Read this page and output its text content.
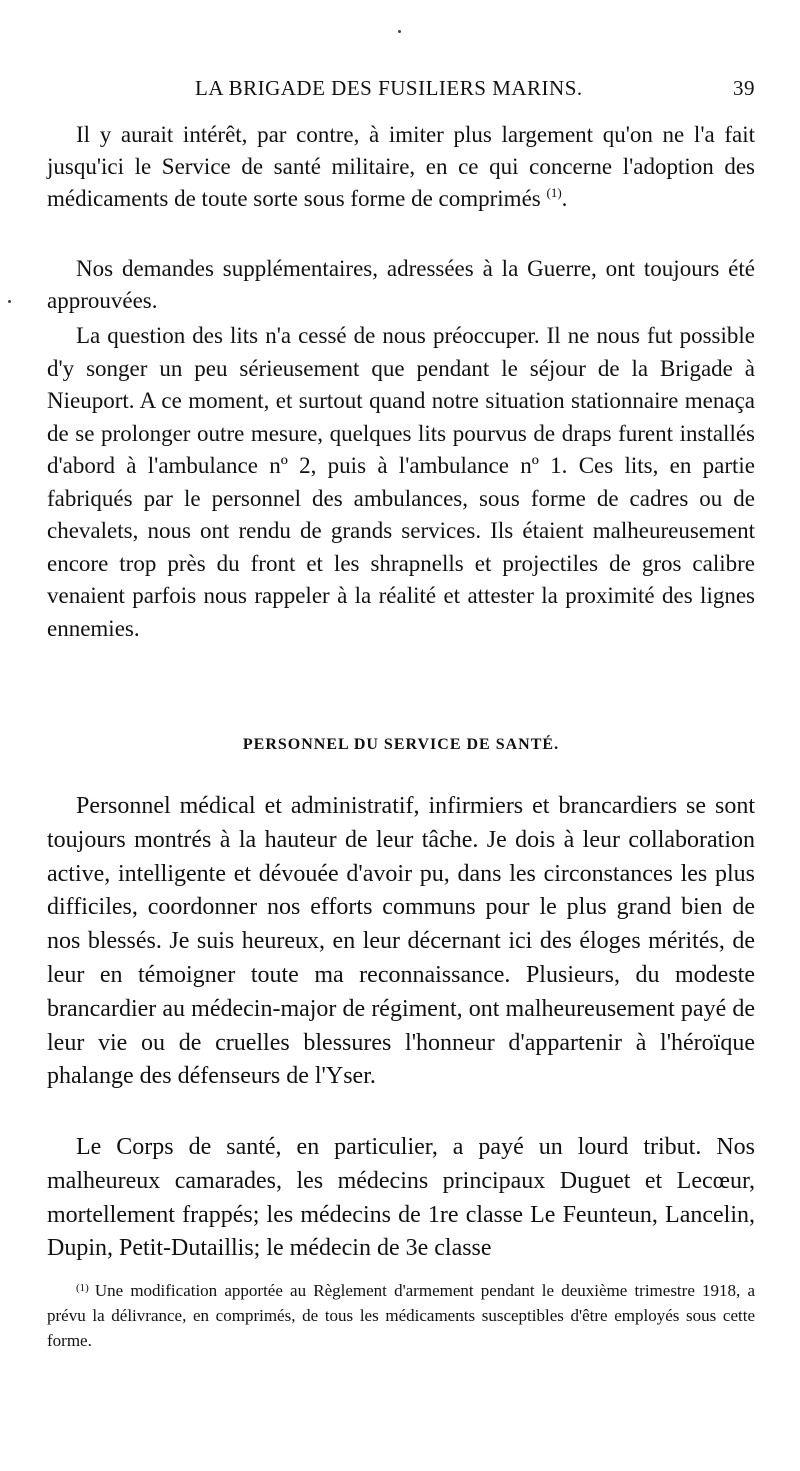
LA BRIGADE DES FUSILIERS MARINS.	39

Il y aurait intérêt, par contre, à imiter plus largement qu'on ne l'a fait jusqu'ici le Service de santé militaire, en ce qui concerne l'adoption des médicaments de toute sorte sous forme de comprimés $^{(1)}$.

Nos demandes supplémentaires, adressées à la Guerre, ont toujours été approuvées.

La question des lits n'a cessé de nous préoccuper. Il ne nous fut possible d'y songer un peu sérieusement que pendant le séjour de la Brigade à Nieuport. A ce moment, et surtout quand notre situation stationnaire menaça de se prolonger outre mesure, quelques lits pourvus de draps furent installés d'abord à l'ambulance nº 2, puis à l'ambulance nº 1. Ces lits, en partie fabriqués par le personnel des ambulances, sous forme de cadres ou de chevalets, nous ont rendu de grands services. Ils étaient malheureusement encore trop près du front et les shrapnells et projectiles de gros calibre venaient parfois nous rappeler à la réalité et attester la proximité des lignes ennemies.

PERSONNEL DU SERVICE DE SANTÉ.

Personnel médical et administratif, infirmiers et brancardiers se sont toujours montrés à la hauteur de leur tâche. Je dois à leur collaboration active, intelligente et dévouée d'avoir pu, dans les circonstances les plus difficiles, coordonner nos efforts communs pour le plus grand bien de nos blessés. Je suis heureux, en leur décernant ici des éloges mérités, de leur en témoigner toute ma reconnaissance. Plusieurs, du modeste brancardier au médecin-major de régiment, ont malheureusement payé de leur vie ou de cruelles blessures l'honneur d'appartenir à l'héroïque phalange des défenseurs de l'Yser.

Le Corps de santé, en particulier, a payé un lourd tribut. Nos malheureux camarades, les médecins principaux Duguet et Lecœur, mortellement frappés; les médecins de 1re classe Le Feunteun, Lancelin, Dupin, Petit-Dutaillis; le médecin de 3e classe

$^{(1)}$ Une modification apportée au Règlement d'armement pendant le deuxième trimestre 1918, a prévu la délivrance, en comprimés, de tous les médicaments susceptibles d'être employés sous cette forme.
